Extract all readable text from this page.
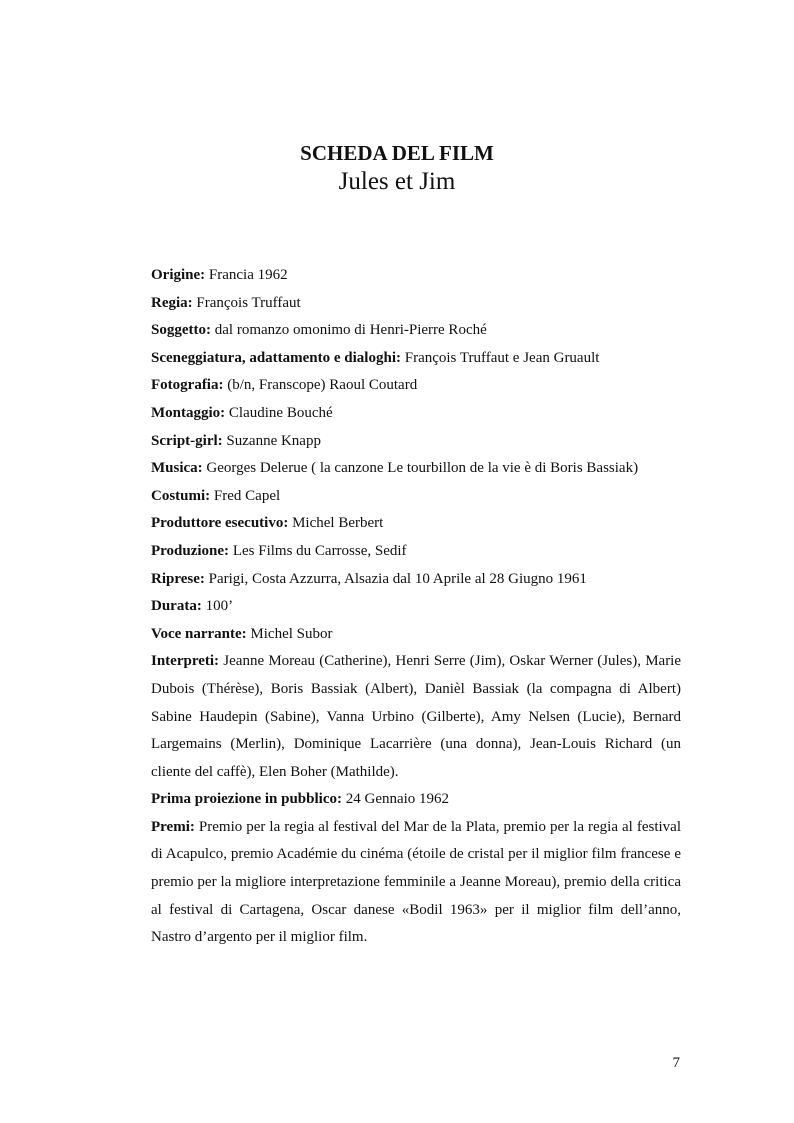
SCHEDA DEL FILM
Jules et Jim

Origine: Francia 1962

Regia: François Truffaut

Soggetto: dal romanzo omonimo di Henri-Pierre Roché

Sceneggiatura, adattamento e dialoghi: François Truffaut e Jean Gruault

Fotografia: (b/n, Franscope) Raoul Coutard

Montaggio: Claudine Bouché

Script-girl: Suzanne Knapp

Musica: Georges Delerue ( la canzone Le tourbillon de la vie è di Boris Bassiak)

Costumi: Fred Capel

Produttore esecutivo: Michel Berbert

Produzione: Les Films du Carrosse, Sedif

Riprese: Parigi, Costa Azzurra, Alsazia dal 10 Aprile al 28 Giugno 1961

Durata: 100’

Voce narrante: Michel Subor

Interpreti: Jeanne Moreau (Catherine), Henri Serre (Jim), Oskar Werner (Jules), Marie Dubois (Thérèse), Boris Bassiak (Albert), Danièl Bassiak (la compagna di Albert) Sabine Haudepin (Sabine), Vanna Urbino (Gilberte), Amy Nelsen (Lucie), Bernard Largemains (Merlin), Dominique Lacarrière (una donna), Jean-Louis Richard (un cliente del caffè), Elen Boher (Mathilde).

Prima proiezione in pubblico: 24 Gennaio 1962

Premi: Premio per la regia al festival del Mar de la Plata, premio per la regia al festival di Acapulco, premio Académie du cinéma (étoile de cristal per il miglior film francese e premio per la migliore interpretazione femminile a Jeanne Moreau), premio della critica al festival di Cartagena, Oscar danese «Bodil 1963» per il miglior film dell’anno, Nastro d’argento per il miglior film.

7
